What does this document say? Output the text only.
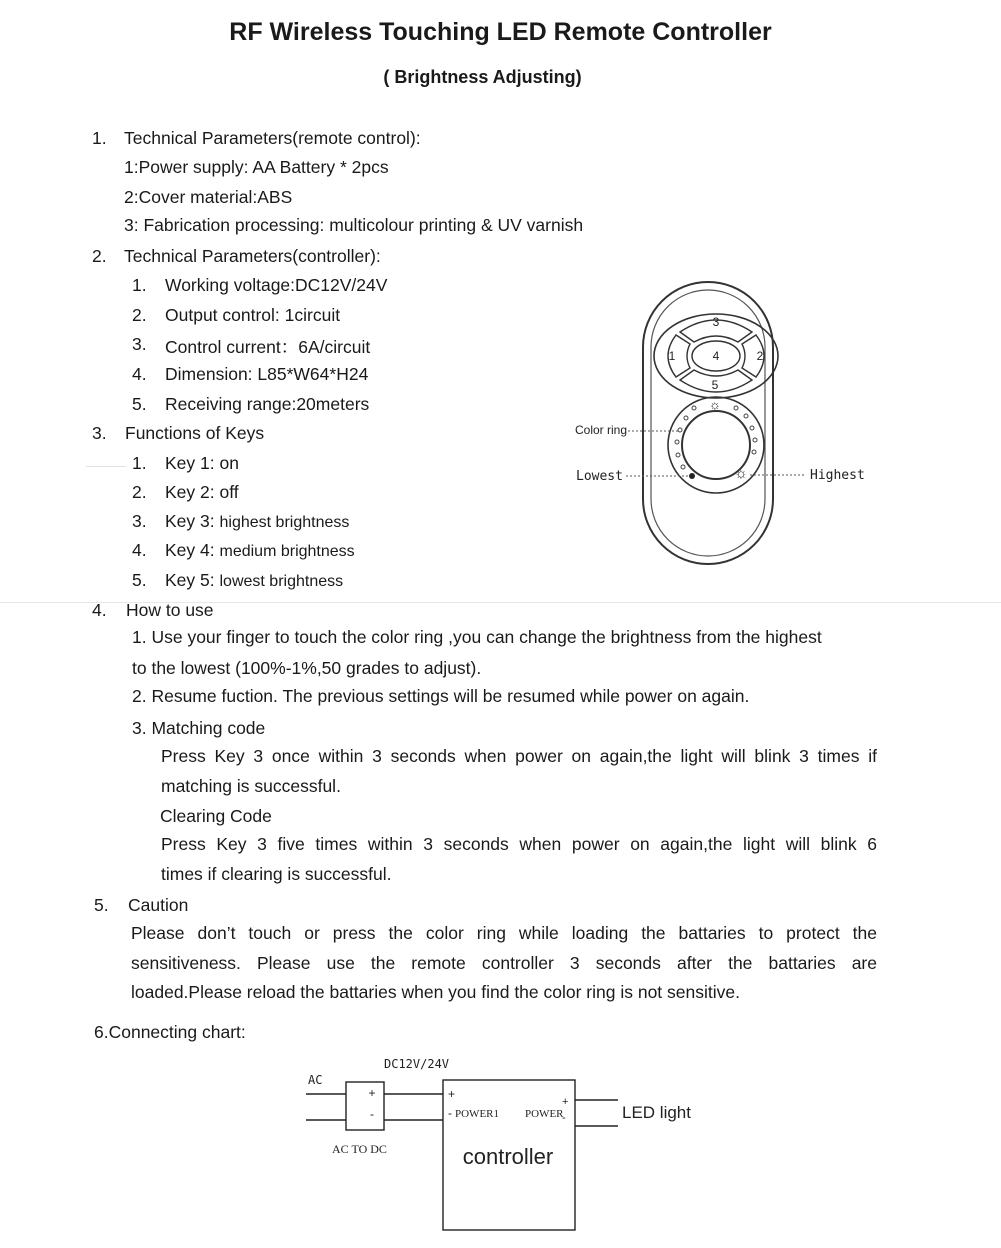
RF Wireless Touching LED Remote Controller
( Brightness Adjusting)
1. Technical Parameters(remote control):
1:Power supply: AA Battery * 2pcs
2:Cover material:ABS
3: Fabrication processing: multicolour printing & UV varnish
2. Technical Parameters(controller):
1. Working voltage:DC12V/24V
2. Output control: 1circuit
3. Control current：6A/circuit
4. Dimension: L85*W64*H24
5. Receiving range:20meters
3. Functions of Keys
1. Key 1: on
2. Key 2: off
3. Key 3: highest brightness
4. Key 4: medium brightness
5. Key 5: lowest brightness
4. How to use
1. Use your finger to touch the color ring ,you can change the brightness from the highest
to the lowest (100%-1%,50 grades to adjust).
2. Resume fuction. The previous settings will be resumed while power on again.
3. Matching code
Press Key 3 once within 3 seconds when power on again,the light will blink 3 times if
matching is successful.
Clearing Code
Press Key 3 five times within 3 seconds when power on again,the light will blink 6
times if clearing is successful.
5. Caution
Please don’t touch or press the color ring while loading the battaries to protect the
sensitiveness. Please use the remote controller 3 seconds after the battaries are
loaded.Please reload the battaries when you find the color ring is not sensitive.
6.Connecting chart:
3
1	4	2
5
☼
☼
Color ring
Lowest	Highest
DC12V/24V
AC
+
-
AC TO DC
+
- POWER1 POWER
+
-
controller
LED light
